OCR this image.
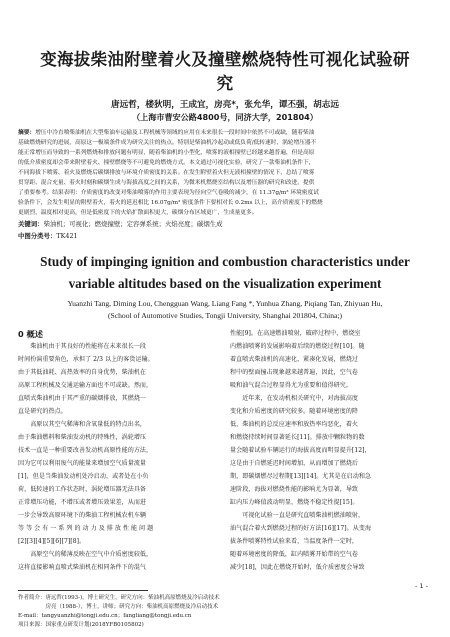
变海拔柴油附壁着火及撞壁燃烧特性可视化试验研究
唐远哲，楼狄明，王成宜，房亮*，张允华，谭丕强，胡志远
（上海市曹安公路4800号，同济大学，201804）
摘要：增压中冷直喷柴油机在大型柴油车运输及工程机械等领域的应用在未来很长一段时间中依然不可或缺，随着柴油
基础燃烧研究的进展，高原这一极端条件成为研究关注的热点。特别是柴油机冷起动或低负荷/低转速时，涡轮增压器不
能正常增压而导致的一系列燃烧和排放问题有明显，随着柴油机的小型化，喷雾的液相撞壁已经越来越普遍，但是高原
的低介质密度却会带来附壁着火、撞壁燃烧等不可避免的燃烧方式。本文通过可视化实验，研究了一款柴油机条件下，
不同海拔下喷雾、着火及燃烧后碳烟排放与环境介质密度的关系。在发生附壁着火但无液相撞壁的情况下，总结了喷雾
贯穿距、混合充量、着火时刻和碳烟生成与海拔高度之间的关系，为微米机燃烧室结构以及增压器的研究和改进，提供
了重要参考。结果表明：介质密度的改变对柴油喷雾的作用主要表现为径向空气卷吸的减少，在 11.37g/m³ 环境密度试
验条件下，会发生明显的附壁着火，着火的延迟相比 16.07g/m³ 密度条件下要相对长 0.2ms 以上，高介质密度下的燃烧
更剧烈，温度相对更高，但是低密度下的火焰扩散面积更大，碳烟分布区域更广，生成量更多。
关键词：柴油机；可视化；燃烧撞壁；定容弹系统；火焰亮度；碳烟生成
中图分类号：TK421
Study of impinging ignition and combustion characteristics under
variable altitudes based on the visualization experiment
Yuanzhi Tang, Diming Lou, Chengguan Wang, Liang Fang *, Yunhua Zhang, Piqiang Tan, Zhiyuan Hu,
(School of Automotive Studies, Tongji University, Shanghai 201804, China;)
0 概述
　　柴油机由于其良好的性能将在未来很长一段
时间扮演重要角色，承担了 2/3 以上的客货运输。
由于其低油耗、高热效率的自身优势，柴油机在
高原工程机械及交通运输方面也不可或缺。然而，
直喷式柴油机由于其严重的碳烟排放，其燃烧一
直是研究的热点。
　　高原以其空气稀薄和含氧量低的特点出名，
由于柴油燃料和柴油发动机的特殊性，涡轮增压
技术一直是一种重要改善发动机高原性能的方法，
因为它可以利用废气的能量来增加空气质量流量
[1]，但是当柴油发动机处冷启动，或者处在小负
荷，低转速的工作状态时，涡轮增压器无法具备
正常增压功能，不增压或者增压效果差，从而进
一步会导致高原环境下的柴油工程机械农机车辆
等 等 会 有 一 系 列 的 动 力 及 排 放 性 能 问 题
[2][3][4][5][6][7][8]。
　　高原空气的稀薄反映在空气中介质密度较低，
这将直接影响直喷式柴油机在相同条件下的混气
性能[9]。在高速燃油喷射，破碎过程中，燃烧室
内燃油喷雾的发展影响着后续的燃烧过程[10]。随
着直喷式柴油机的高速化、紧凑化发展，燃烧过
程中的壁面撞击现象越来越普遍，因此，空气卷
吸和油气混合过程显得尤为重要和值得研究。
　　近年来，在发动机相关研究中，对海拔高度
变化和介质密度的研究较多。随着环境密度的降
低，柴油机的总反应速率和放热率均恶化，着火
和燃烧持续时间显著延长[11]。排放中颗粒物的数
量会随着试验车辆运行的海拔高度而明显提升[12]，
这是由于自燃延迟时间增加，从而增加了燃烧后
期，即碳烟燃尽过程期[13][14]。尤其是在启动和急
速阶段，海拔对燃烧性能的影响尤为显著，导致
缸内压力峰值波动明显，燃烧不稳定性提[15]。
　　可视化试验一直是研究直喷柴油机燃油喷射，
油气混合着火到燃烧过程的好方法[16][17]。从变海
拔条件喷雾特性试验来看，当温度条件一定时，
随着环境密度的降低，缸内喷雾开始带的空气卷
减少[18]，因此在燃烧开始时，低介质密度会导致
- 1 -
作者简介：唐远哲(1993-)，博士研究生，研究方向：柴油机高原燃烧及冷启动技术
　　　　　房亮（1988-），博士，讲师；研究方向：柴油机高原燃烧及冷启动技术
E-mail：tangyuanzhi@tongji.edu.cn；fangliang@tongji.edu.cn
项目来源：国家重点研发计划(2018YFB0105802)
